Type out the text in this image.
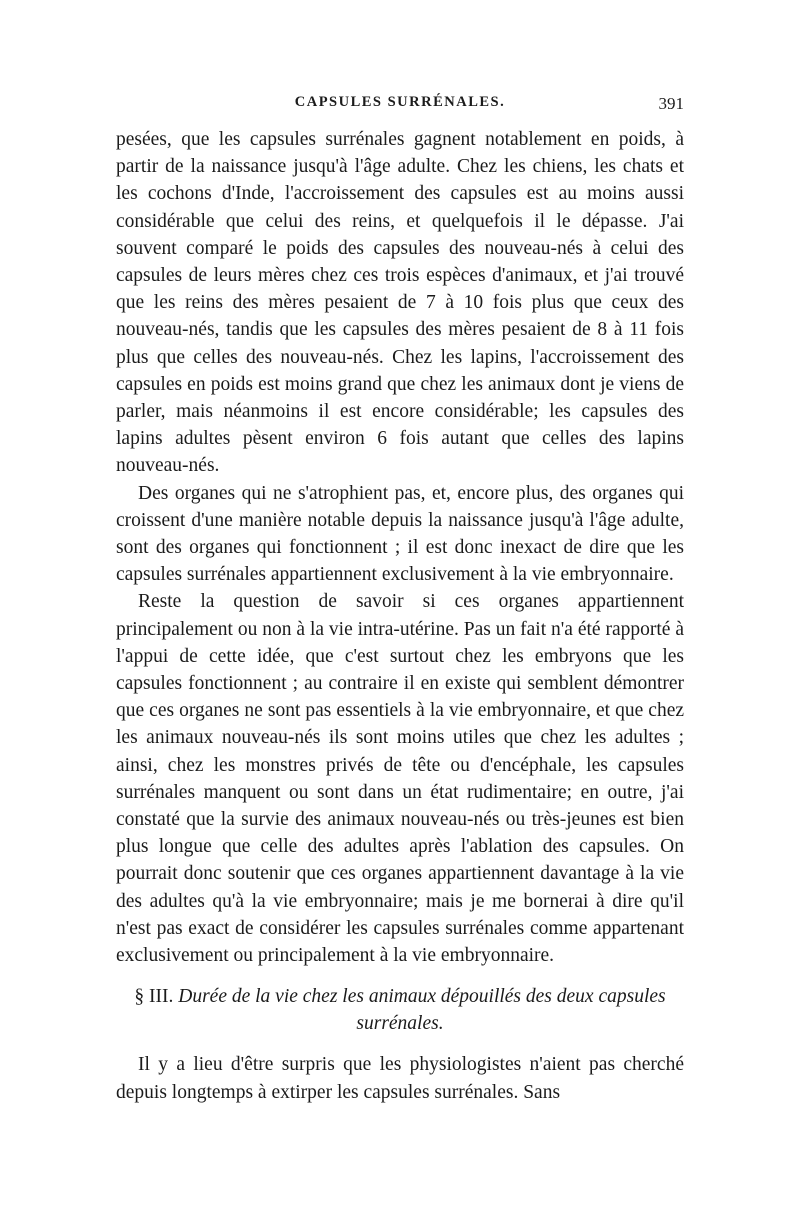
CAPSULES SURRÉNALES.	391

pesées, que les capsules surrénales gagnent notablement en poids, à partir de la naissance jusqu'à l'âge adulte. Chez les chiens, les chats et les cochons d'Inde, l'accroissement des capsules est au moins aussi considérable que celui des reins, et quelquefois il le dépasse. J'ai souvent comparé le poids des capsules des nouveau-nés à celui des capsules de leurs mères chez ces trois espèces d'animaux, et j'ai trouvé que les reins des mères pesaient de 7 à 10 fois plus que ceux des nouveau-nés, tandis que les capsules des mères pesaient de 8 à 11 fois plus que celles des nouveau-nés. Chez les lapins, l'accroissement des capsules en poids est moins grand que chez les animaux dont je viens de parler, mais néanmoins il est encore considérable; les capsules des lapins adultes pèsent environ 6 fois autant que celles des lapins nouveau-nés.

Des organes qui ne s'atrophient pas, et, encore plus, des organes qui croissent d'une manière notable depuis la naissance jusqu'à l'âge adulte, sont des organes qui fonctionnent ; il est donc inexact de dire que les capsules surrénales appartiennent exclusivement à la vie embryonnaire.

Reste la question de savoir si ces organes appartiennent principalement ou non à la vie intra-utérine. Pas un fait n'a été rapporté à l'appui de cette idée, que c'est surtout chez les embryons que les capsules fonctionnent ; au contraire il en existe qui semblent démontrer que ces organes ne sont pas essentiels à la vie embryonnaire, et que chez les animaux nouveau-nés ils sont moins utiles que chez les adultes ; ainsi, chez les monstres privés de tête ou d'encéphale, les capsules surrénales manquent ou sont dans un état rudimentaire; en outre, j'ai constaté que la survie des animaux nouveau-nés ou très-jeunes est bien plus longue que celle des adultes après l'ablation des capsules. On pourrait donc soutenir que ces organes appartiennent davantage à la vie des adultes qu'à la vie embryonnaire; mais je me bornerai à dire qu'il n'est pas exact de considérer les capsules surrénales comme appartenant exclusivement ou principalement à la vie embryonnaire.

§ III. Durée de la vie chez les animaux dépouillés des deux capsules surrénales.

Il y a lieu d'être surpris que les physiologistes n'aient pas cherché depuis longtemps à extirper les capsules surrénales. Sans
